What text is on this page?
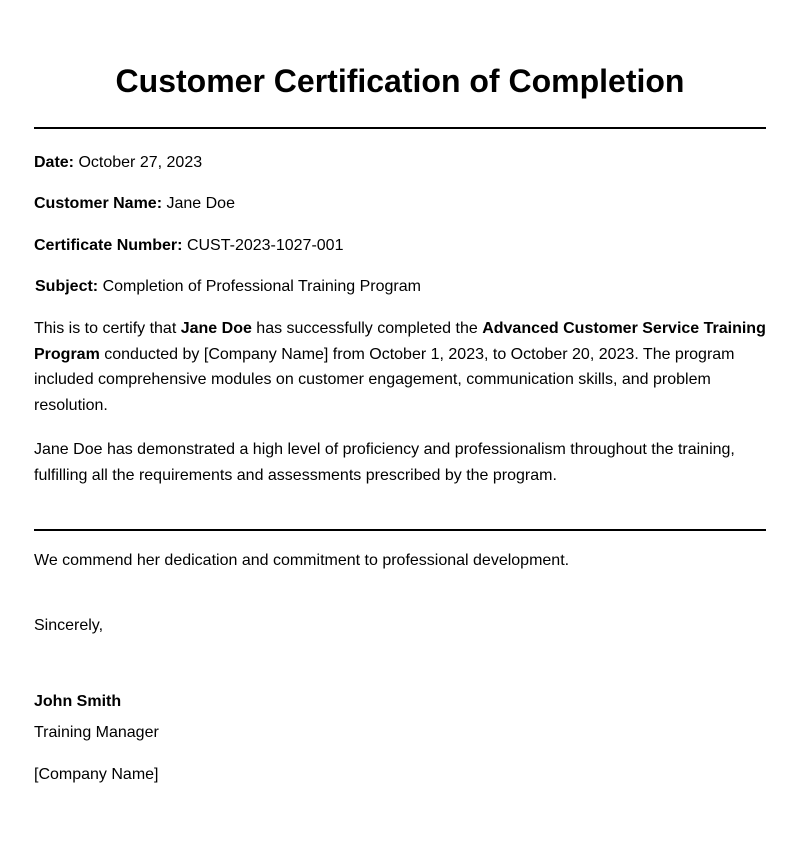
Customer Certification of Completion

Date: October 27, 2023

Customer Name: Jane Doe

Certificate Number: CUST-2023-1027-001

Subject: Completion of Professional Training Program

This is to certify that Jane Doe has successfully completed the Advanced Customer Service Training Program conducted by [Company Name] from October 1, 2023, to October 20, 2023. The program included comprehensive modules on customer engagement, communication skills, and problem resolution.

Jane Doe has demonstrated a high level of proficiency and professionalism throughout the training, fulfilling all the requirements and assessments prescribed by the program.

We commend her dedication and commitment to professional development.

Sincerely,

John Smith

Training Manager

[Company Name]
